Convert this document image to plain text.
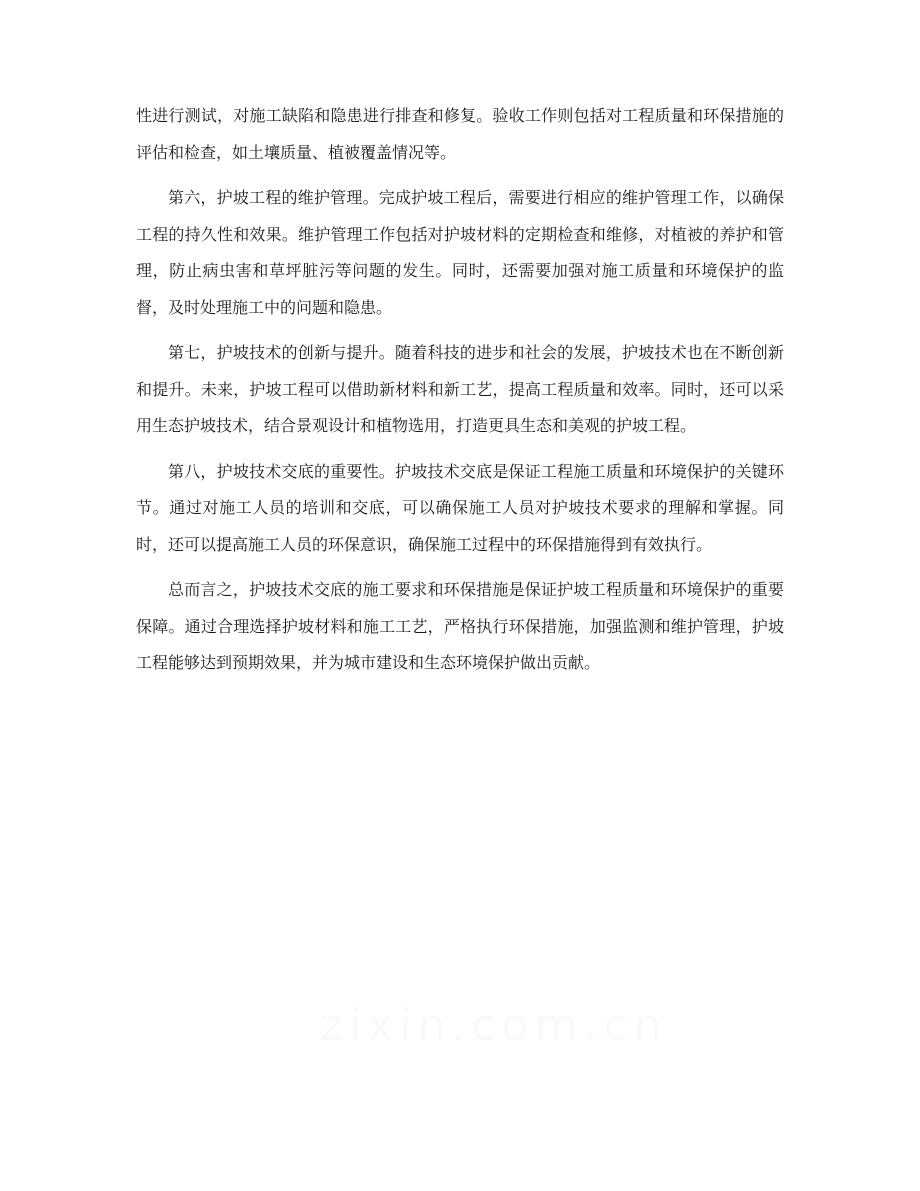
性进行测试，对施工缺陷和隐患进行排查和修复。验收工作则包括对工程质量和环保措施的评估和检查，如土壤质量、植被覆盖情况等。

第六，护坡工程的维护管理。完成护坡工程后，需要进行相应的维护管理工作，以确保工程的持久性和效果。维护管理工作包括对护坡材料的定期检查和维修，对植被的养护和管理，防止病虫害和草坪脏污等问题的发生。同时，还需要加强对施工质量和环境保护的监督，及时处理施工中的问题和隐患。

第七，护坡技术的创新与提升。随着科技的进步和社会的发展，护坡技术也在不断创新和提升。未来，护坡工程可以借助新材料和新工艺，提高工程质量和效率。同时，还可以采用生态护坡技术，结合景观设计和植物选用，打造更具生态和美观的护坡工程。

第八，护坡技术交底的重要性。护坡技术交底是保证工程施工质量和环境保护的关键环节。通过对施工人员的培训和交底，可以确保施工人员对护坡技术要求的理解和掌握。同时，还可以提高施工人员的环保意识，确保施工过程中的环保措施得到有效执行。

总而言之，护坡技术交底的施工要求和环保措施是保证护坡工程质量和环境保护的重要保障。通过合理选择护坡材料和施工工艺，严格执行环保措施，加强监测和维护管理，护坡工程能够达到预期效果，并为城市建设和生态环境保护做出贡献。

zixin.com.cn
